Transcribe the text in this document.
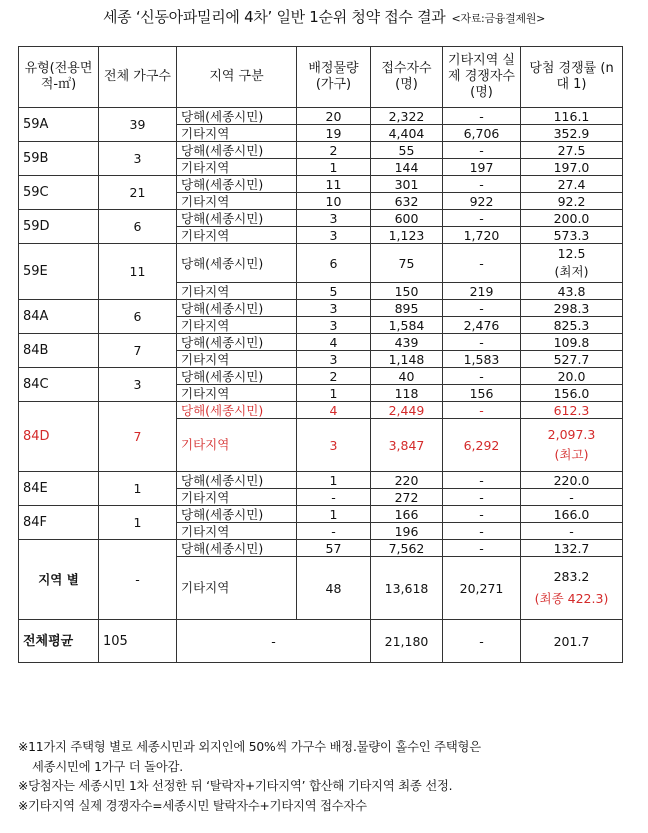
세종 ‘신동아파밀리에 4차’ 일반 1순위 청약 접수 결과 <자료:금융결제원>
유형(전용면적-㎡)	전체 가구수	지역 구분	배정물량(가구)	접수자수(명)	기타지역 실제 경쟁자수(명)	당첨 경쟁률 (n대 1)
59A	39	당해(세종시민)	20	2,322	-	116.1
		기타지역	19	4,404	6,706	352.9
59B	3	당해(세종시민)	2	55	-	27.5
		기타지역	1	144	197	197.0
59C	21	당해(세종시민)	11	301	-	27.4
		기타지역	10	632	922	92.2
59D	6	당해(세종시민)	3	600	-	200.0
		기타지역	3	1,123	1,720	573.3
59E	11	당해(세종시민)	6	75	-	12.5
(최저)

		기타지역	5	150	219	43.8
84A	6	당해(세종시민)	3	895	-	298.3
		기타지역	3	1,584	2,476	825.3
84B	7	당해(세종시민)	4	439	-	109.8
		기타지역	3	1,148	1,583	527.7
84C	3	당해(세종시민)	2	40	-	20.0
		기타지역	1	118	156	156.0
84D	7	당해(세종시민)	4	2,449	-	612.3
		기타지역	3	3,847	6,292	2,097.3
(최고)

84E	1	당해(세종시민)	1	220	-	220.0
		기타지역	-	272	-	-
84F	1	당해(세종시민)	1	166	-	166.0
		기타지역	-	196	-	-
지역 별	-	당해(세종시민)	57	7,562	-	132.7
		기타지역	48	13,618	20,271	283.2
(최종 422.3)

전체평균	105	-		21,180	-	201.7
※11가지 주택형 별로 세종시민과 외지인에 50%씩 가구수 배정.물량이 홀수인 주택형은
세종시민에 1가구 더 돌아감.
※당첨자는 세종시민 1차 선정한 뒤 ‘탈락자+기타지역’ 합산해 기타지역 최종 선정.
※기타지역 실제 경쟁자수=세종시민 탈락자수+기타지역 접수자수
